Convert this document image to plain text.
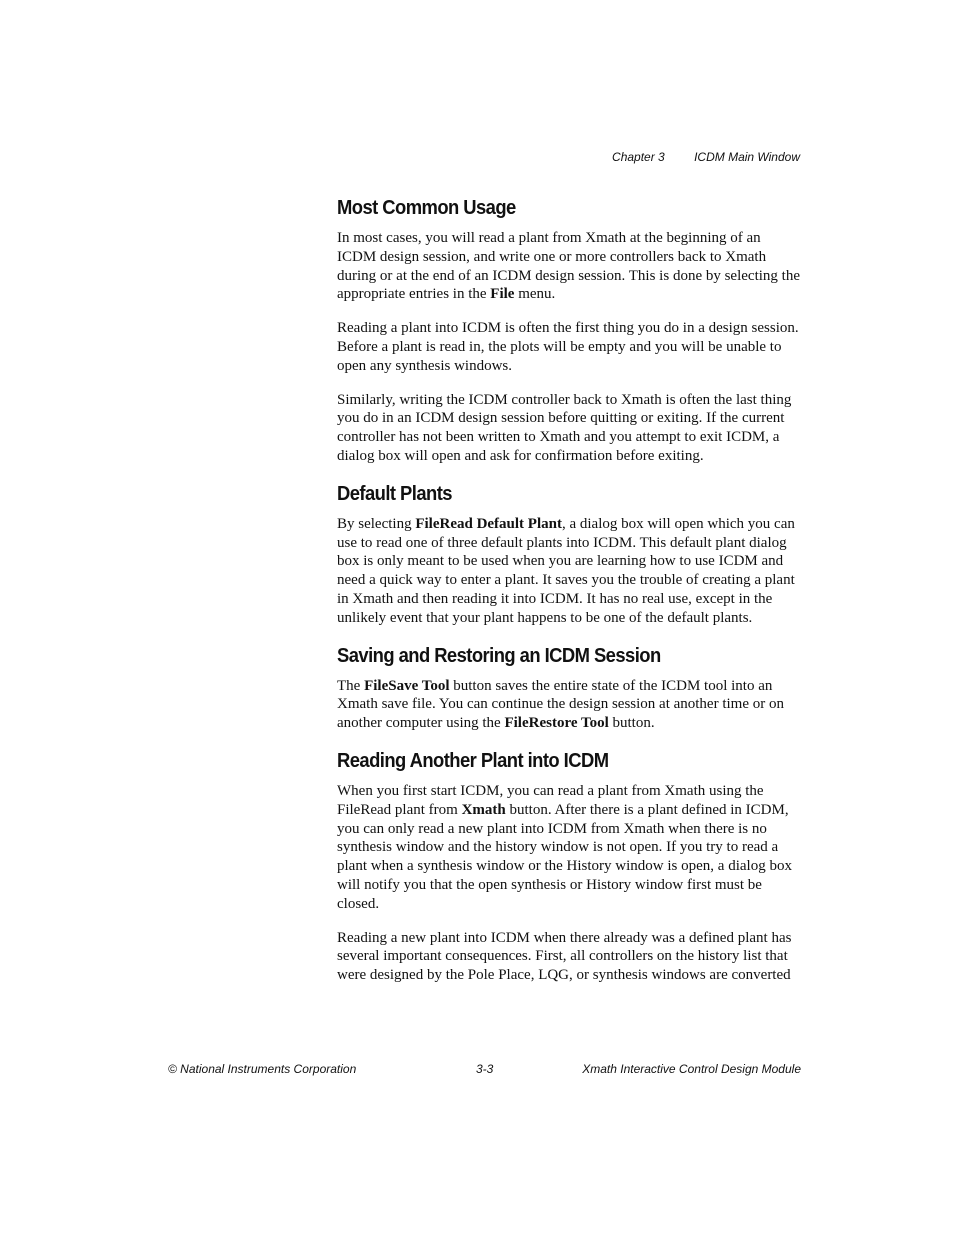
Chapter 3 ICDM Main Window
Most Common Usage

In most cases, you will read a plant from Xmath at the beginning of an ICDM design session, and write one or more controllers back to Xmath during or at the end of an ICDM design session. This is done by selecting the appropriate entries in the File menu.

Reading a plant into ICDM is often the first thing you do in a design session. Before a plant is read in, the plots will be empty and you will be unable to open any synthesis windows.

Similarly, writing the ICDM controller back to Xmath is often the last thing you do in an ICDM design session before quitting or exiting. If the current controller has not been written to Xmath and you attempt to exit ICDM, a dialog box will open and ask for confirmation before exiting.

Default Plants

By selecting FileRead Default Plant, a dialog box will open which you can use to read one of three default plants into ICDM. This default plant dialog box is only meant to be used when you are learning how to use ICDM and need a quick way to enter a plant. It saves you the trouble of creating a plant in Xmath and then reading it into ICDM. It has no real use, except in the unlikely event that your plant happens to be one of the default plants.

Saving and Restoring an ICDM Session

The FileSave Tool button saves the entire state of the ICDM tool into an Xmath save file. You can continue the design session at another time or on another computer using the FileRestore Tool button.

Reading Another Plant into ICDM

When you first start ICDM, you can read a plant from Xmath using the FileRead plant from Xmath button. After there is a plant defined in ICDM, you can only read a new plant into ICDM from Xmath when there is no synthesis window and the history window is not open. If you try to read a plant when a synthesis window or the History window is open, a dialog box will notify you that the open synthesis or History window first must be closed.

Reading a new plant into ICDM when there already was a defined plant has several important consequences. First, all controllers on the history list that were designed by the Pole Place, LQG, or synthesis windows are converted

© National Instruments Corporation	3-3	Xmath Interactive Control Design Module
